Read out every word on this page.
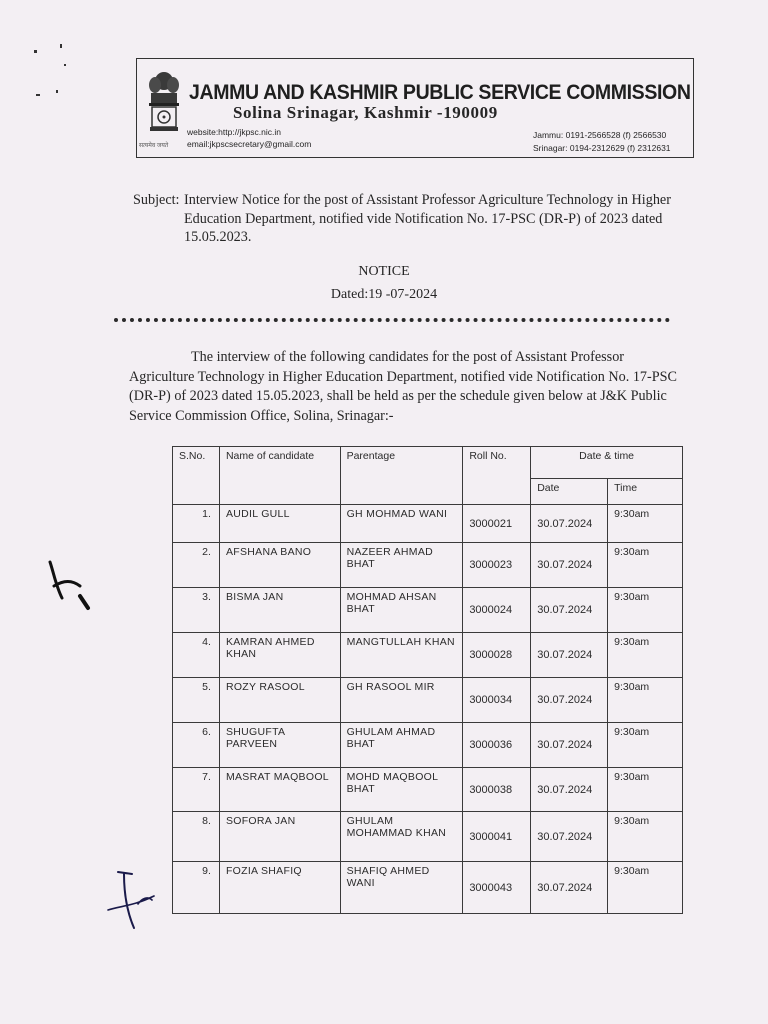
सत्यमेव जयते
JAMMU AND KASHMIR PUBLIC SERVICE COMMISSION
Solina Srinagar, Kashmir -190009
website:http://jkpsc.nic.in
email:jkpscsecretary@gmail.com
Jammu: 0191-2566528 (f) 2566530
Srinagar: 0194-2312629 (f) 2312631
Subject: Interview Notice for the post of Assistant Professor Agriculture Technology in Higher Education Department, notified vide Notification No. 17-PSC (DR-P) of 2023 dated 15.05.2023.
NOTICE
Dated:19 -07-2024
The interview of the following candidates for the post of Assistant Professor Agriculture Technology in Higher Education Department, notified vide Notification No. 17-PSC (DR-P) of 2023 dated 15.05.2023, shall be held as per the schedule given below at J&K Public Service Commission Office, Solina, Srinagar:-
S.No.	Name of candidate	Parentage	Roll No.	Date & time	
				Date	Time
1.	AUDIL GULL	GH MOHMAD WANI	3000021	30.07.2024	9:30am
2.	AFSHANA BANO	NAZEER AHMAD BHAT	3000023	30.07.2024	9:30am
3.	BISMA JAN	MOHMAD AHSAN BHAT	3000024	30.07.2024	9:30am
4.	KAMRAN AHMED KHAN	MANGTULLAH KHAN	3000028	30.07.2024	9:30am
5.	ROZY RASOOL	GH RASOOL MIR	3000034	30.07.2024	9:30am
6.	SHUGUFTA PARVEEN	GHULAM AHMAD BHAT	3000036	30.07.2024	9:30am
7.	MASRAT MAQBOOL	MOHD MAQBOOL BHAT	3000038	30.07.2024	9:30am
8.	SOFORA JAN	GHULAM MOHAMMAD KHAN	3000041	30.07.2024	9:30am
9.	FOZIA SHAFIQ	SHAFIQ AHMED WANI	3000043	30.07.2024	9:30am
